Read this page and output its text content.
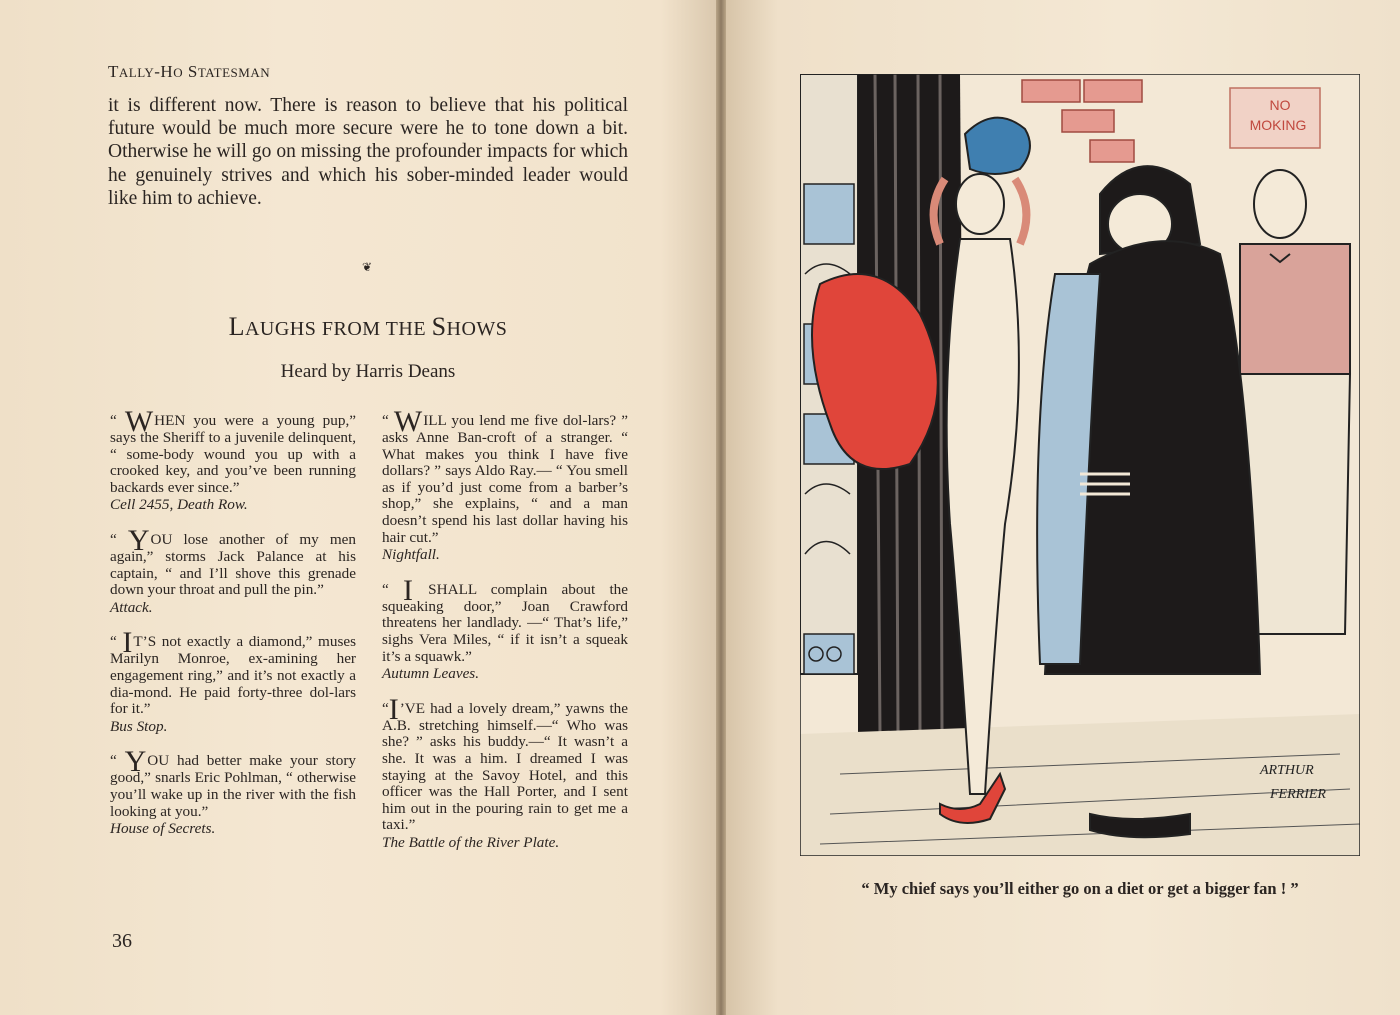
TALLY-HO STATESMAN
it is different now. There is reason to believe that his political future would be much more secure were he to tone down a bit. Otherwise he will go on missing the profounder impacts for which he genuinely strives and which his sober-minded leader would like him to achieve.
❦
LAUGHS FROM THE SHOWS
Heard by Harris Deans

“ WHEN you were a young pup,” says the Sheriff to a juvenile delinquent, “ some-body wound you up with a crooked key, and you’ve been running backards ever since.”

Cell 2455, Death Row.

“ YOU lose another of my men again,” storms Jack Palance at his captain, “ and I’ll shove this grenade down your throat and pull the pin.”

Attack.

“ IT’S not exactly a diamond,” muses Marilyn Monroe, ex-amining her engagement ring,” and it’s not exactly a dia-mond. He paid forty-three dol-lars for it.”

Bus Stop.

“ YOU had better make your story good,” snarls Eric Pohlman, “ otherwise you’ll wake up in the river with the fish looking at you.”

House of Secrets.

“ WILL you lend me five dol-lars? ” asks Anne Ban-croft of a stranger. “ What makes you think I have five dollars? ” says Aldo Ray.— “ You smell as if you’d just come from a barber’s shop,” she explains, “ and a man doesn’t spend his last dollar having his hair cut.”

Nightfall.

“ I SHALL complain about the squeaking door,” Joan Crawford threatens her landlady. —“ That’s life,” sighs Vera Miles, “ if it isn’t a squeak it’s a squawk.”

Autumn Leaves.

“I’VE had a lovely dream,” yawns the A.B. stretching himself.—“ Who was she? ” asks his buddy.—“ It wasn’t a she. It was a him. I dreamed I was staying at the Savoy Hotel, and this officer was the Hall Porter, and I sent him out in the pouring rain to get me a taxi.”

The Battle of the River Plate.

36
NO
MOKING
ARTHUR
FERRIER
“ My chief says you’ll either go on a diet or get a bigger fan ! ”
